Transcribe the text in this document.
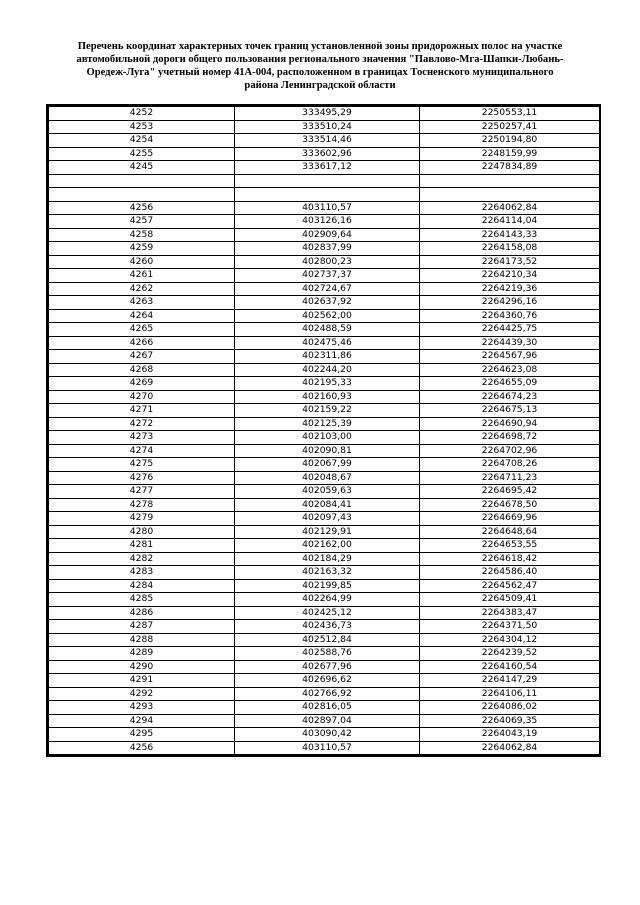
Перечень координат характерных точек границ установленной зоны придорожных полос на участке
автомобильной дороги общего пользования регионального значения "Павлово-Мга-Шапки-Любань-
Оредеж-Луга" учетный номер 41А-004, расположенном в границах Тосненского муниципального
района Ленинградской области
4252	333495,29	2250553,11
4253	333510,24	2250257,41
4254	333514,46	2250194,80
4255	333602,96	2248159,99
4245	333617,12	2247834,89

4256	403110,57	2264062,84
4257	403126,16	2264114,04
4258	402909,64	2264143,33
4259	402837,99	2264158,08
4260	402800,23	2264173,52
4261	402737,37	2264210,34
4262	402724,67	2264219,36
4263	402637,92	2264296,16
4264	402562,00	2264360,76
4265	402488,59	2264425,75
4266	402475,46	2264439,30
4267	402311,86	2264567,96
4268	402244,20	2264623,08
4269	402195,33	2264655,09
4270	402160,93	2264674,23
4271	402159,22	2264675,13
4272	402125,39	2264690,94
4273	402103,00	2264698,72
4274	402090,81	2264702,96
4275	402067,99	2264708,26
4276	402048,67	2264711,23
4277	402059,63	2264695,42
4278	402084,41	2264678,50
4279	402097,43	2264669,96
4280	402129,91	2264648,64
4281	402162,00	2264653,55
4282	402184,29	2264618,42
4283	402163,32	2264586,40
4284	402199,85	2264562,47
4285	402264,99	2264509,41
4286	402425,12	2264383,47
4287	402436,73	2264371,50
4288	402512,84	2264304,12
4289	402588,76	2264239,52
4290	402677,96	2264160,54
4291	402696,62	2264147,29
4292	402766,92	2264106,11
4293	402816,05	2264086,02
4294	402897,04	2264069,35
4295	403090,42	2264043,19
4256	403110,57	2264062,84
